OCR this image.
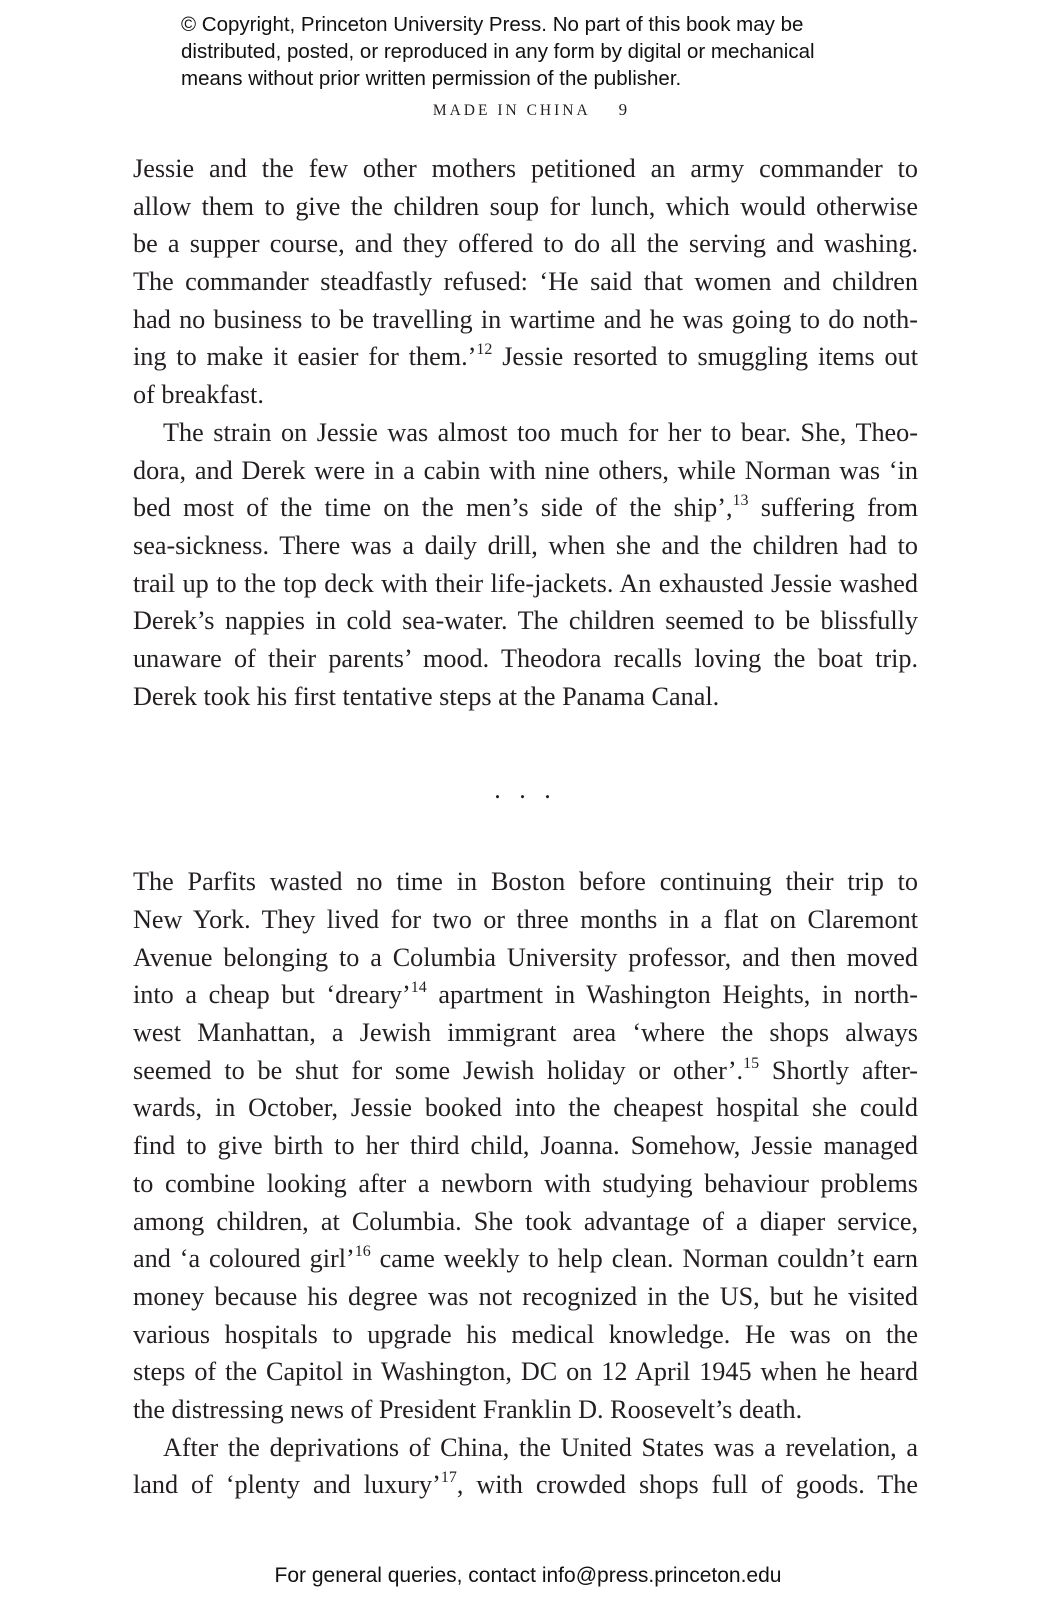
© Copyright, Princeton University Press. No part of this book may be
distributed, posted, or reproduced in any form by digital or mechanical
means without prior written permission of the publisher.
MADE IN CHINA 9
Jessie and the few other mothers petitioned an army commander to
allow them to give the children soup for lunch, which would otherwise
be a supper course, and they offered to do all the serving and washing.
The commander steadfastly refused: ‘He said that women and children
had no business to be travelling in wartime and he was going to do noth-
ing to make it easier for them.’$^{12}$ Jessie resorted to smuggling items out
of breakfast.
The strain on Jessie was almost too much for her to bear. She, Theo-
dora, and Derek were in a cabin with nine others, while Norman was ‘in
bed most of the time on the men’s side of the ship’,$^{13}$ suffering from
sea-sickness. There was a daily drill, when she and the children had to
trail up to the top deck with their life-jackets. An exhausted Jessie washed
Derek’s nappies in cold sea-water. The children seemed to be blissfully
unaware of their parents’ mood. Theodora recalls loving the boat trip.
Derek took his first tentative steps at the Panama Canal.
. . .
The Parfits wasted no time in Boston before continuing their trip to
New York. They lived for two or three months in a flat on Claremont
Avenue belonging to a Columbia University professor, and then moved
into a cheap but ‘dreary’$^{14}$ apartment in Washington Heights, in north-
west Manhattan, a Jewish immigrant area ‘where the shops always
seemed to be shut for some Jewish holiday or other’.$^{15}$ Shortly after-
wards, in October, Jessie booked into the cheapest hospital she could
find to give birth to her third child, Joanna. Somehow, Jessie managed
to combine looking after a newborn with studying behaviour problems
among children, at Columbia. She took advantage of a diaper service,
and ‘a coloured girl’$^{16}$ came weekly to help clean. Norman couldn’t earn
money because his degree was not recognized in the US, but he visited
various hospitals to upgrade his medical knowledge. He was on the
steps of the Capitol in Washington, DC on 12 April 1945 when he heard
the distressing news of President Franklin D. Roosevelt’s death.
After the deprivations of China, the United States was a revelation, a
land of ‘plenty and luxury’$^{17}$, with crowded shops full of goods. The
For general queries, contact info@press.princeton.edu
